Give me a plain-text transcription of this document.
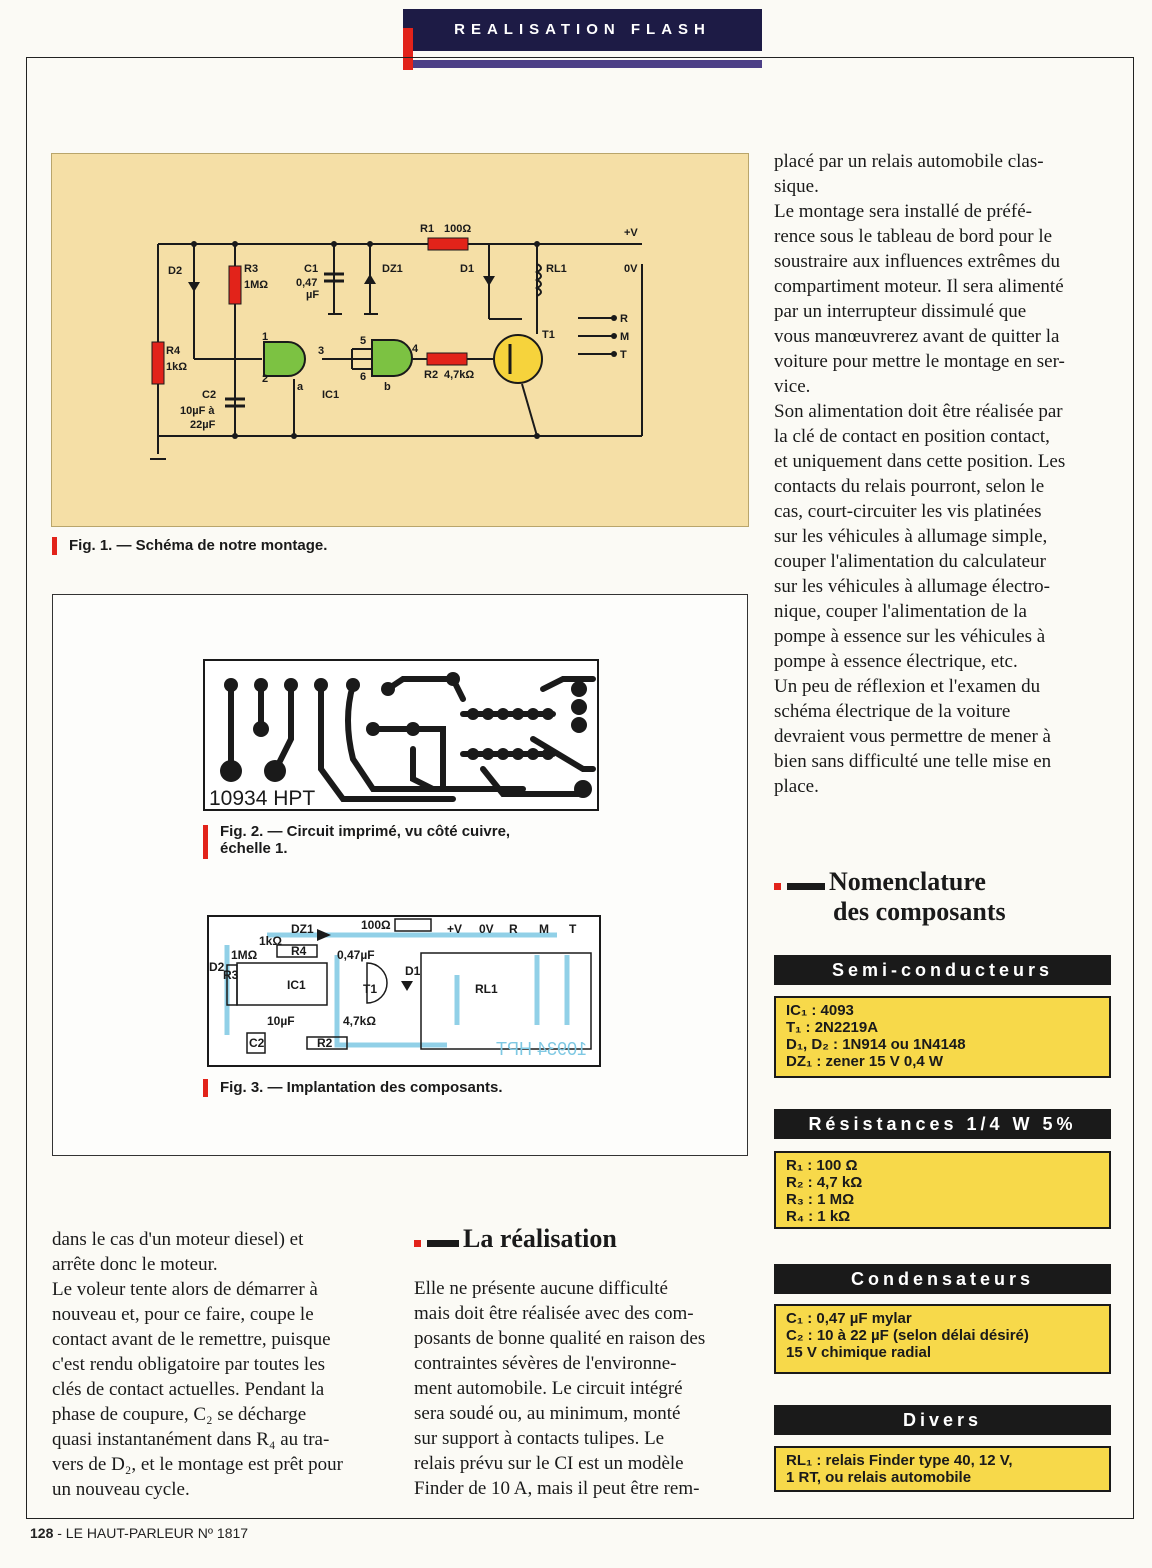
REALISATION FLASH
R1 100Ω	+V
0V
D2	R3
1MΩ
C1
0,47
µF
DZ1	D1	RL1
R4
1kΩ
C2
10µF à
22µF
IC1
a	b
1
2
3	4
5
6	R2 4,7kΩ
T1
R
M
T
Fig. 1. — Schéma de notre montage.
10934 HPT
Fig. 2. — Circuit imprimé, vu côté cuivre,
échelle 1.
DZ1	100Ω	+V 0V R M T
1kΩ
R4
1MΩ	0,47µF
D2
R3
IC1	T1
D1
RL1
10µF	4,7kΩ
C2	R2	10934 HPT
Fig. 3. — Implantation des composants.
placé par un relais automobile clas-
sique.
Le montage sera installé de préfé-
rence sous le tableau de bord pour le
soustraire aux influences extrêmes du
compartiment moteur. Il sera alimenté
par un interrupteur dissimulé que
vous manœuvrerez avant de quitter la
voiture pour mettre le montage en ser-
vice.
Son alimentation doit être réalisée par
la clé de contact en position contact,
et uniquement dans cette position. Les
contacts du relais pourront, selon le
cas, court-circuiter les vis platinées
sur les véhicules à allumage simple,
couper l'alimentation du calculateur
sur les véhicules à allumage électro-
nique, couper l'alimentation de la
pompe à essence sur les véhicules à
pompe à essence électrique, etc.
Un peu de réflexion et l'examen du
schéma électrique de la voiture
devraient vous permettre de mener à
bien sans difficulté une telle mise en
place.
Nomenclature
des composants
Semi-conducteurs
IC₁ : 4093
T₁ : 2N2219A
D₁, D₂ : 1N914 ou 1N4148
DZ₁ : zener 15 V 0,4 W
Résistances 1/4 W 5%
R₁ : 100 Ω
R₂ : 4,7 kΩ
R₃ : 1 MΩ
R₄ : 1 kΩ
Condensateurs
C₁ : 0,47 µF mylar
C₂ : 10 à 22 µF (selon délai désiré)
15 V chimique radial
Divers
RL₁ : relais Finder type 40, 12 V,
1 RT, ou relais automobile
dans le cas d'un moteur diesel) et
arrête donc le moteur.
Le voleur tente alors de démarrer à
nouveau et, pour ce faire, coupe le
contact avant de le remettre, puisque
c'est rendu obligatoire par toutes les
clés de contact actuelles. Pendant la
phase de coupure, C₂ se décharge
quasi instantanément dans R₄ au tra-
vers de D₂, et le montage est prêt pour
un nouveau cycle.
La réalisation
Elle ne présente aucune difficulté
mais doit être réalisée avec des com-
posants de bonne qualité en raison des
contraintes sévères de l'environne-
ment automobile. Le circuit intégré
sera soudé ou, au minimum, monté
sur support à contacts tulipes. Le
relais prévu sur le CI est un modèle
Finder de 10 A, mais il peut être rem-
128 - LE HAUT-PARLEUR Nº 1817
